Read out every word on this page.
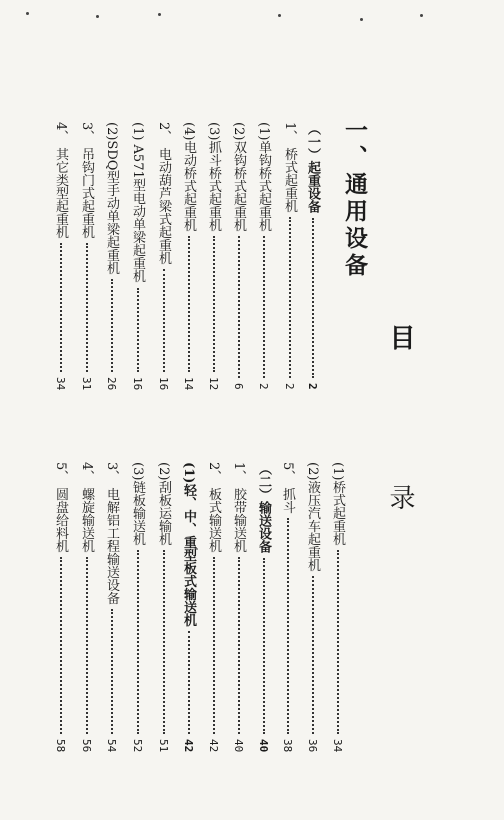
目
录
一、通用设备
（一）起重设备
2
1、 桥式起重机
2
(1)单钩桥式起重机
2
(2)双钩桥式起重机
6
(3)抓斗桥式起重机
12
(4)电动桥式起重机
14
2、 电动葫芦梁式起重机
16
(1) A571型电动单梁起重机
16
(2)SDQ型手动单梁起重机
26
3、 吊钩门式起重机
31
4、 其它类型起重机
34
(1)桥式起重机
34
(2)液压汽车起重机
36
5、 抓斗
38
（二）输送设备
40
1、 胶带输送机
40
2、 板式输送机
42
(1)轻、中、重型板式输送机
42
(2)刮板运输机
51
(3)链板输送机
52
3、 电解铝工程输送设备
54
4、 螺旋输送机
56
5、 圆盘给料机
58
